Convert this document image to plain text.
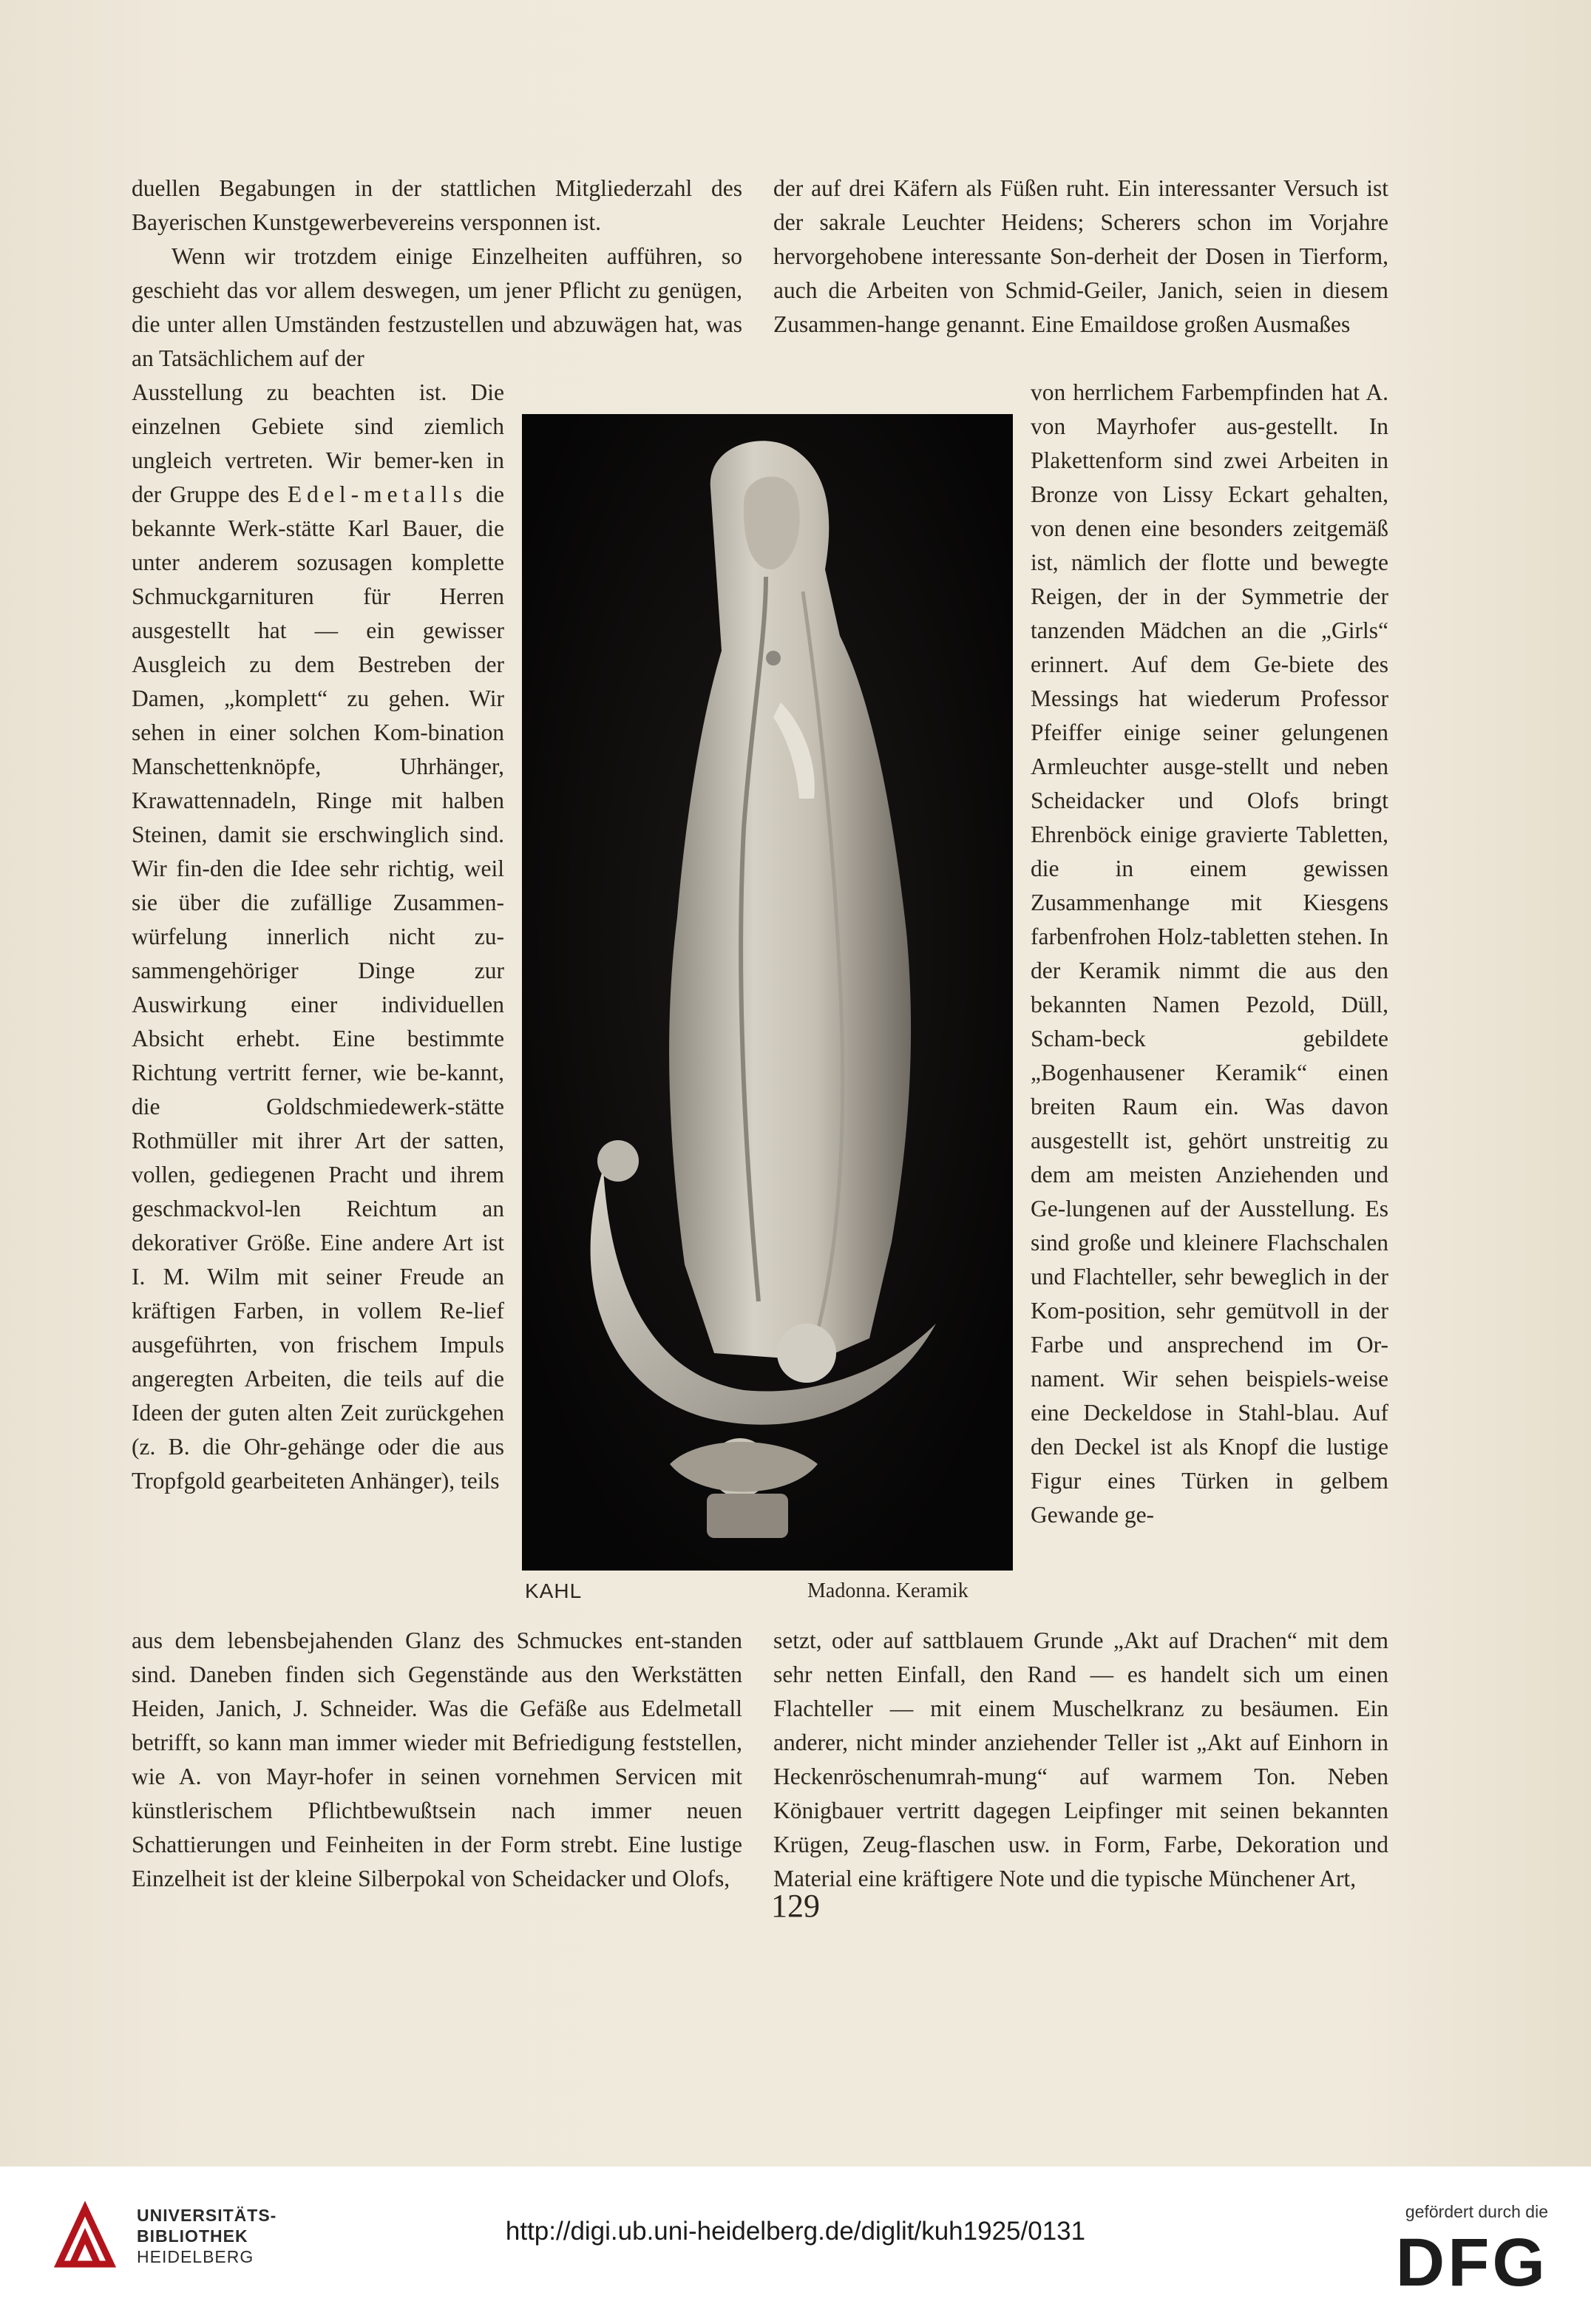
duellen Begabungen in der stattlichen Mitgliederzahl des Bayerischen Kunstgewerbevereins versponnen ist.

Wenn wir trotzdem einige Einzelheiten aufführen, so geschieht das vor allem deswegen, um jener Pflicht zu genügen, die unter allen Umständen festzustellen und abzuwägen hat, was an Tatsächlichem auf der

Ausstellung zu beachten ist. Die einzelnen Gebiete sind ziemlich ungleich vertreten. Wir bemer-ken in der Gruppe des Edel-metalls die bekannte Werk-stätte Karl Bauer, die unter anderem sozusagen komplette Schmuckgarnituren für Herren ausgestellt hat — ein gewisser Ausgleich zu dem Bestreben der Damen, „komplett“ zu gehen. Wir sehen in einer solchen Kom-bination Manschettenknöpfe, Uhrhänger, Krawattennadeln, Ringe mit halben Steinen, damit sie erschwinglich sind. Wir fin-den die Idee sehr richtig, weil sie über die zufällige Zusammen-würfelung innerlich nicht zu-sammengehöriger Dinge zur Auswirkung einer individuellen Absicht erhebt. Eine bestimmte Richtung vertritt ferner, wie be-kannt, die Goldschmiedewerk-stätte Rothmüller mit ihrer Art der satten, vollen, gediegenen Pracht und ihrem geschmackvol-len Reichtum an dekorativer Größe. Eine andere Art ist I. M. Wilm mit seiner Freude an kräftigen Farben, in vollem Re-lief ausgeführten, von frischem Impuls angeregten Arbeiten, die teils auf die Ideen der guten alten Zeit zurückgehen (z. B. die Ohr-gehänge oder die aus Tropfgold gearbeiteten Anhänger), teils

aus dem lebensbejahenden Glanz des Schmuckes ent-standen sind. Daneben finden sich Gegenstände aus den Werkstätten Heiden, Janich, J. Schneider. Was die Gefäße aus Edelmetall betrifft, so kann man immer wieder mit Befriedigung feststellen, wie A. von Mayr-hofer in seinen vornehmen Servicen mit künstlerischem Pflichtbewußtsein nach immer neuen Schattierungen und Feinheiten in der Form strebt. Eine lustige Einzelheit ist der kleine Silberpokal von Scheidacker und Olofs,

der auf drei Käfern als Füßen ruht. Ein interessanter Versuch ist der sakrale Leuchter Heidens; Scherers schon im Vorjahre hervorgehobene interessante Son-derheit der Dosen in Tierform, auch die Arbeiten von Schmid-Geiler, Janich, seien in diesem Zusammen-hange genannt. Eine Emaildose großen Ausmaßes

von herrlichem Farbempfinden hat A. von Mayrhofer aus-gestellt. In Plakettenform sind zwei Arbeiten in Bronze von Lissy Eckart gehalten, von denen eine besonders zeitgemäß ist, nämlich der flotte und bewegte Reigen, der in der Symmetrie der tanzenden Mädchen an die „Girls“ erinnert. Auf dem Ge-biete des Messings hat wiederum Professor Pfeiffer einige seiner gelungenen Armleuchter ausge-stellt und neben Scheidacker und Olofs bringt Ehrenböck einige gravierte Tabletten, die in einem gewissen Zusammenhange mit Kiesgens farbenfrohen Holz-tabletten stehen. In der Keramik nimmt die aus den bekannten Namen Pezold, Düll, Scham-beck gebildete „Bogenhausener Keramik“ einen breiten Raum ein. Was davon ausgestellt ist, gehört unstreitig zu dem am meisten Anziehenden und Ge-lungenen auf der Ausstellung. Es sind große und kleinere Flachschalen und Flachteller, sehr beweglich in der Kom-position, sehr gemütvoll in der Farbe und ansprechend im Or-nament. Wir sehen beispiels-weise eine Deckeldose in Stahl-blau. Auf den Deckel ist als Knopf die lustige Figur eines Türken in gelbem Gewande ge-

setzt, oder auf sattblauem Grunde „Akt auf Drachen“ mit dem sehr netten Einfall, den Rand — es handelt sich um einen Flachteller — mit einem Muschelkranz zu besäumen. Ein anderer, nicht minder anziehender Teller ist „Akt auf Einhorn in Heckenröschenumrah-mung“ auf warmem Ton. Neben Königbauer vertritt dagegen Leipfinger mit seinen bekannten Krügen, Zeug-flaschen usw. in Form, Farbe, Dekoration und Material eine kräftigere Note und die typische Münchener Art,

KAHL	Madonna. Keramik
129
UNIVERSITÄTS-
BIBLIOTHEK
HEIDELBERG
http://digi.ub.uni-heidelberg.de/diglit/kuh1925/0131
gefördert durch die
DFG
